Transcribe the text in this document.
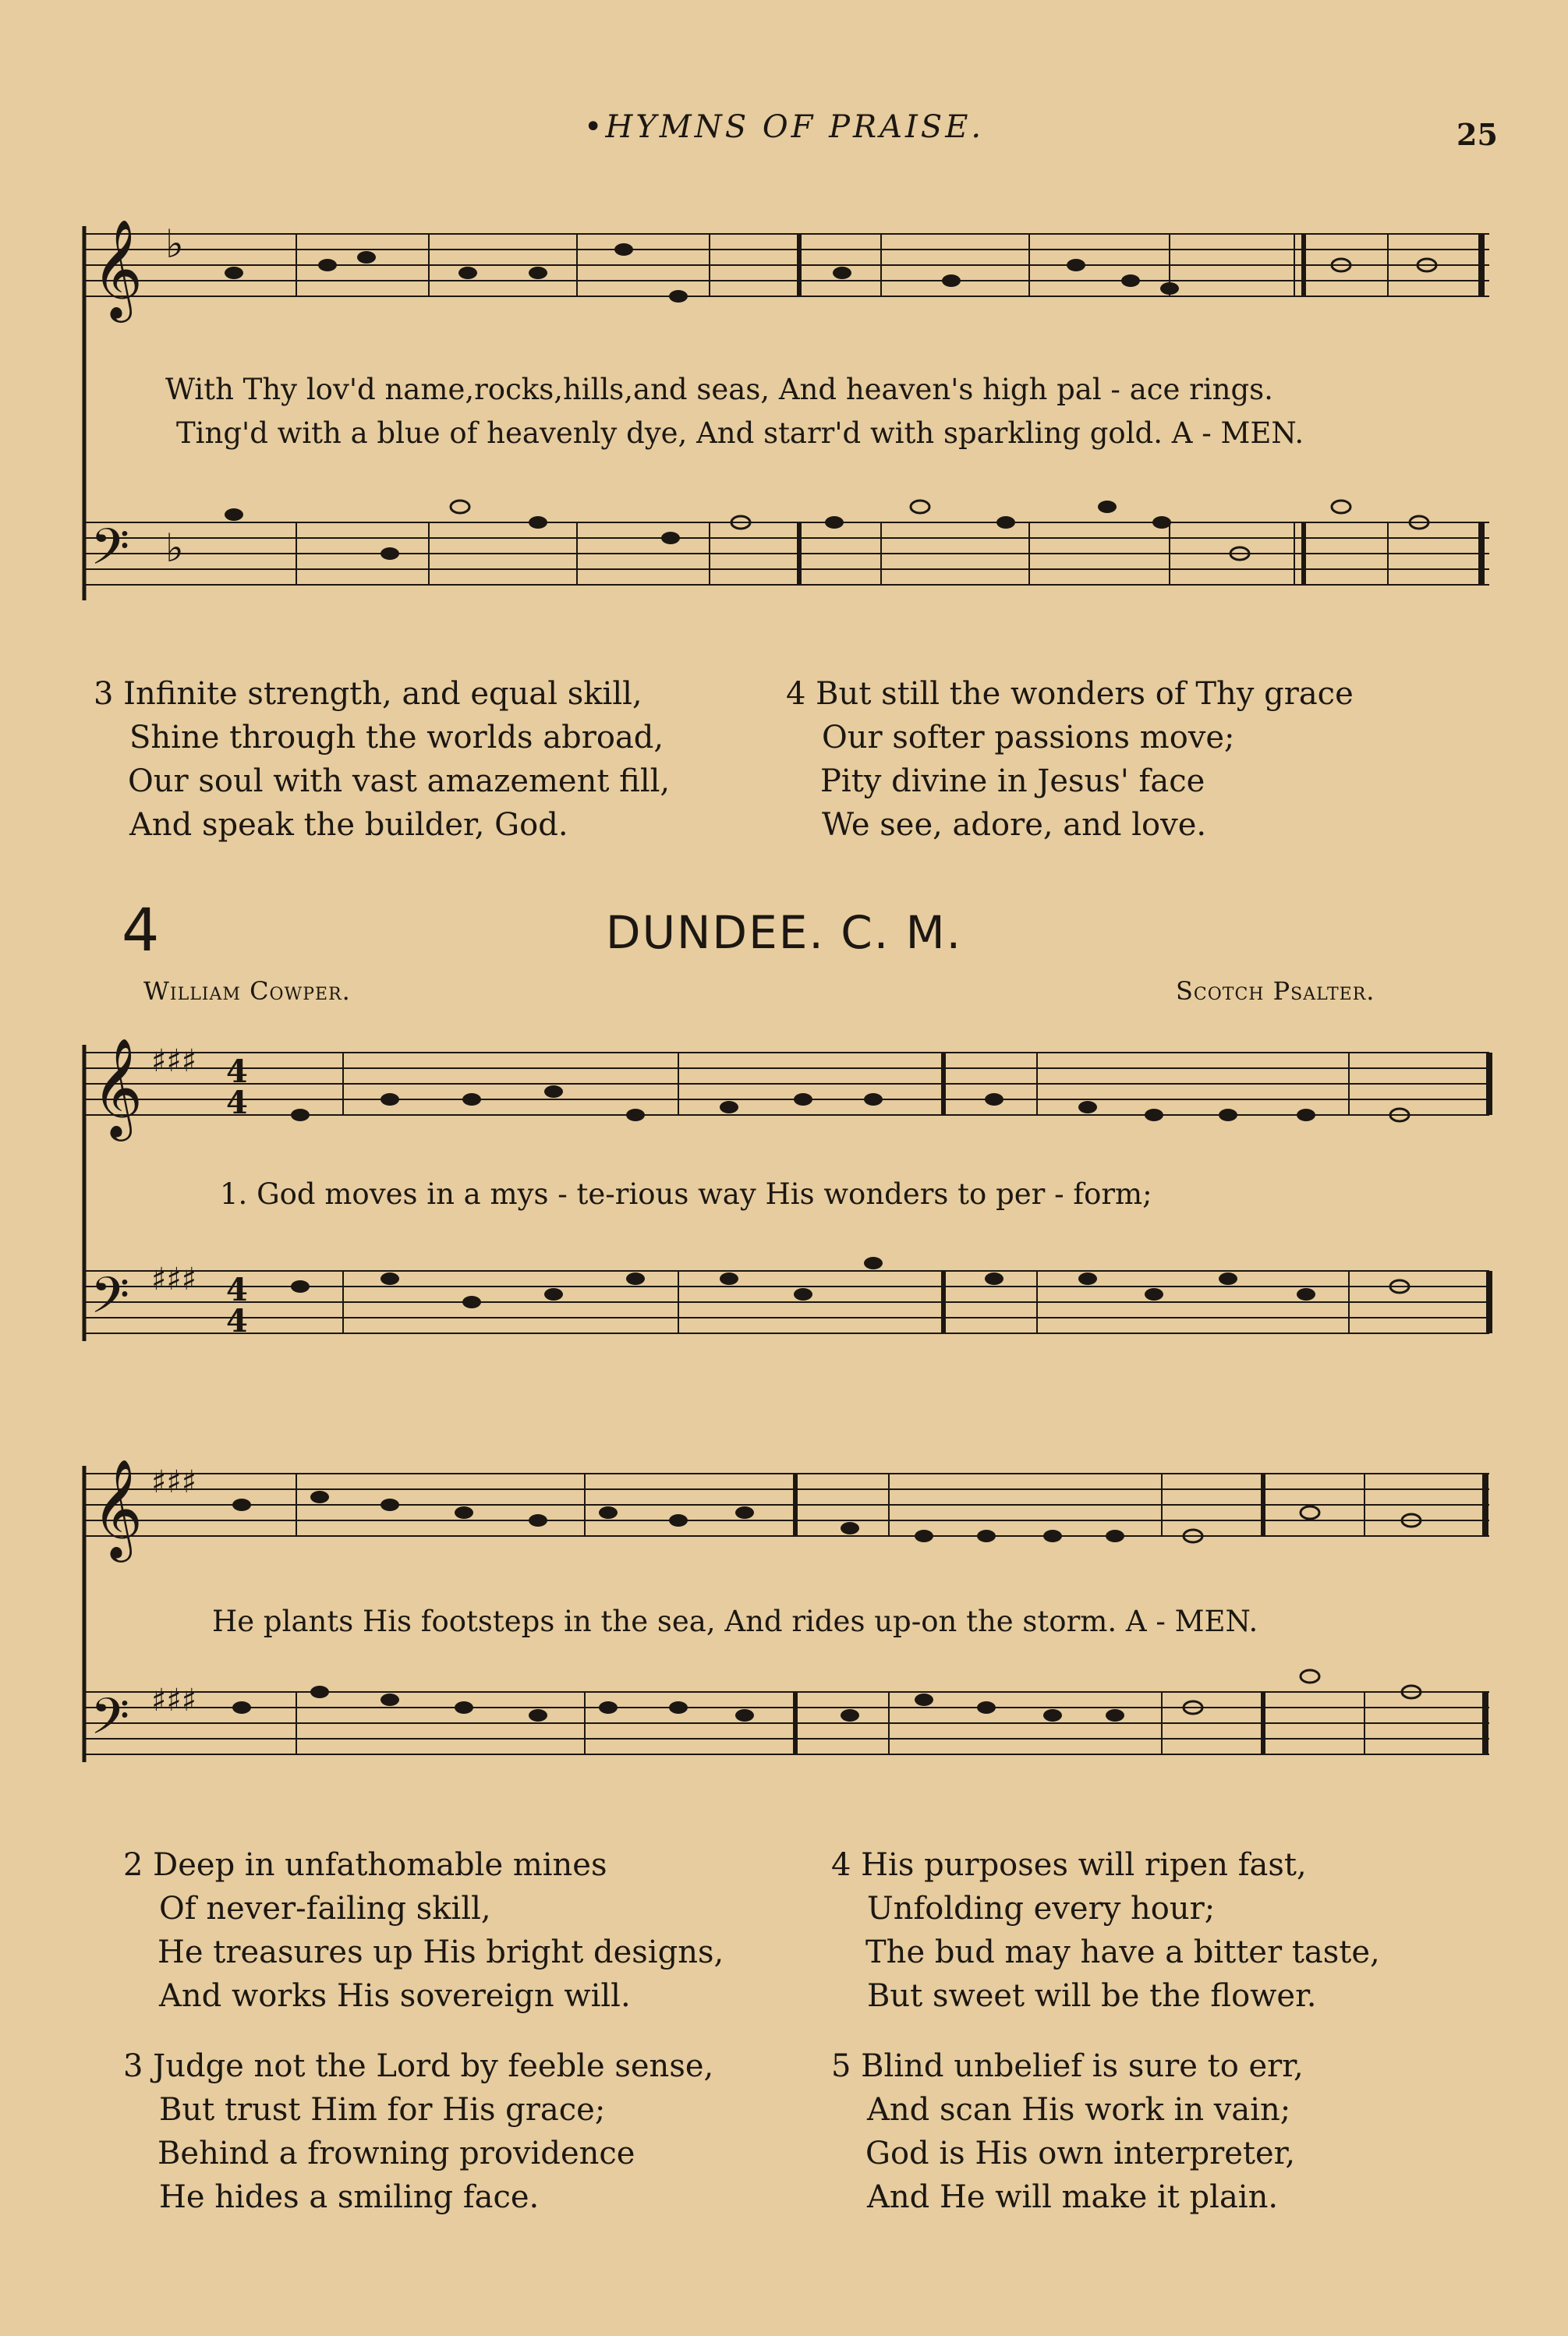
•HYMNS OF PRAISE.	25
𝄞 ♭
With Thy lov'd name,rocks,hills,and seas, And heaven's high pal - ace rings.
Ting'd with a blue of heavenly dye, And starr'd with sparkling gold. A - MEN.
𝄢 ♭
3 Infinite strength, and equal skill,
Shine through the worlds abroad,
Our soul with vast amazement fill,
And speak the builder, God.
4 But still the wonders of Thy grace
Our softer passions move;
Pity divine in Jesus' face
We see, adore, and love.
4	DUNDEE. C. M.
William Cowper.	Scotch Psalter.
𝄞 ♯♯♯ 4
4
𝄢 ♯♯♯ 4
4
1. God moves in a mys - te-rious way His wonders to per - form;
𝄞 ♯♯♯
𝄢 ♯♯♯
He plants His footsteps in the sea, And rides up-on the storm. A - MEN.
2 Deep in unfathomable mines
Of never-failing skill,
He treasures up His bright designs,
And works His sovereign will.
4 His purposes will ripen fast,
Unfolding every hour;
The bud may have a bitter taste,
But sweet will be the flower.
3 Judge not the Lord by feeble sense,
But trust Him for His grace;
Behind a frowning providence
He hides a smiling face.
5 Blind unbelief is sure to err,
And scan His work in vain;
God is His own interpreter,
And He will make it plain.
